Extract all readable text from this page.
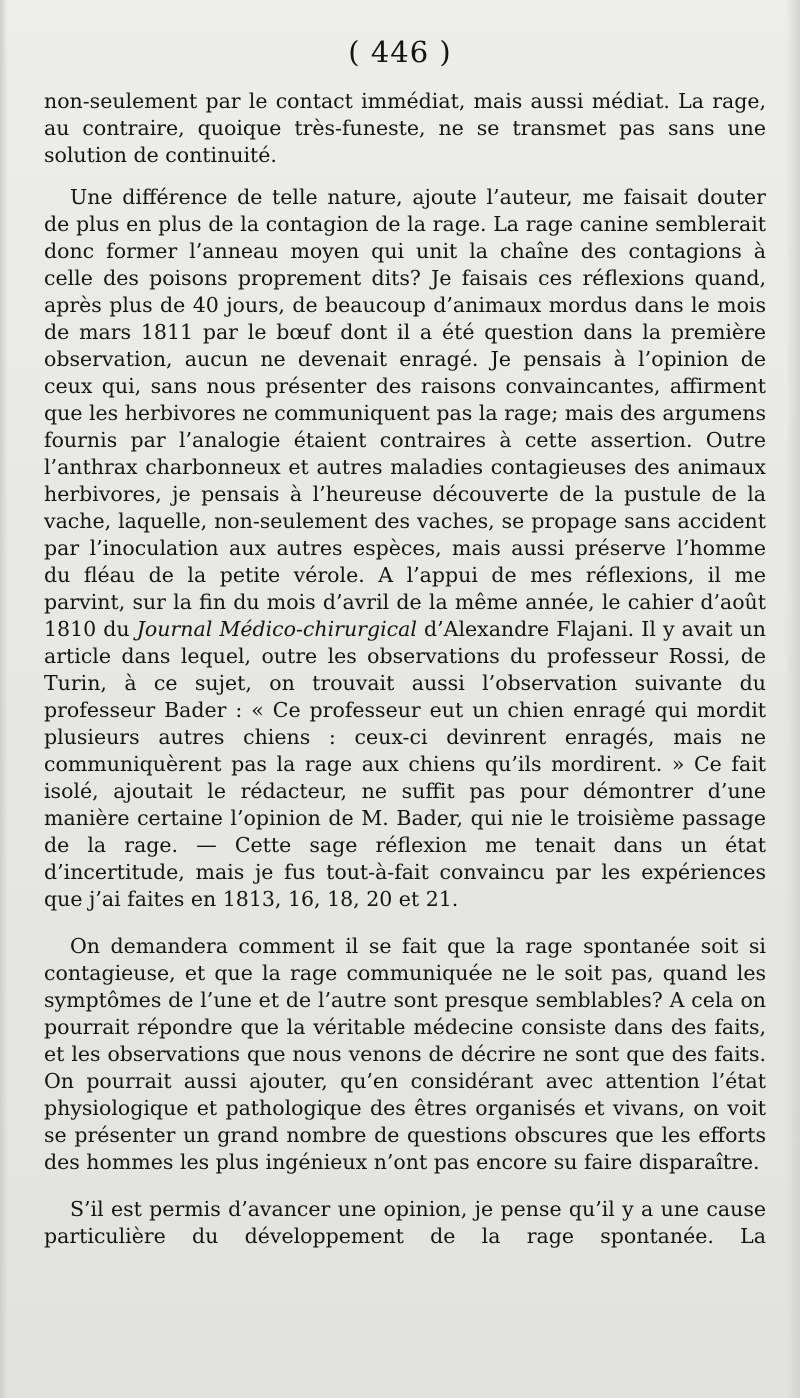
( 446 )

non-seulement par le contact immédiat, mais aussi médiat. La rage, au contraire, quoique très-funeste, ne se transmet pas sans une solution de continuité.

Une différence de telle nature, ajoute l’auteur, me faisait douter de plus en plus de la contagion de la rage. La rage canine semblerait donc former l’anneau moyen qui unit la chaîne des contagions à celle des poisons proprement dits? Je faisais ces réflexions quand, après plus de 40 jours, de beaucoup d’animaux mordus dans le mois de mars 1811 par le bœuf dont il a été question dans la première observation, aucun ne devenait enragé. Je pensais à l’opinion de ceux qui, sans nous présenter des raisons convaincantes, affirment que les herbivores ne communiquent pas la rage; mais des argumens fournis par l’analogie étaient contraires à cette assertion. Outre l’anthrax charbonneux et autres maladies contagieuses des animaux herbivores, je pensais à l’heureuse découverte de la pustule de la vache, laquelle, non-seulement des vaches, se propage sans accident par l’inoculation aux autres espèces, mais aussi préserve l’homme du fléau de la petite vérole. A l’appui de mes réflexions, il me parvint, sur la fin du mois d’avril de la même année, le cahier d’août 1810 du Journal Médico-chirurgical d’Alexandre Flajani. Il y avait un article dans lequel, outre les observations du professeur Rossi, de Turin, à ce sujet, on trouvait aussi l’observation suivante du professeur Bader : « Ce professeur eut un chien enragé qui mordit plusieurs autres chiens : ceux-ci devinrent enragés, mais ne communiquèrent pas la rage aux chiens qu’ils mordirent. » Ce fait isolé, ajoutait le rédacteur, ne suffit pas pour démontrer d’une manière certaine l’opinion de M. Bader, qui nie le troisième passage de la rage. — Cette sage réflexion me tenait dans un état d’incertitude, mais je fus tout-à-fait convaincu par les expériences que j’ai faites en 1813, 16, 18, 20 et 21.

On demandera comment il se fait que la rage spontanée soit si contagieuse, et que la rage communiquée ne le soit pas, quand les symptômes de l’une et de l’autre sont presque semblables? A cela on pourrait répondre que la véritable médecine consiste dans des faits, et les observations que nous venons de décrire ne sont que des faits. On pourrait aussi ajouter, qu’en considérant avec attention l’état physiologique et pathologique des êtres organisés et vivans, on voit se présenter un grand nombre de questions obscures que les efforts des hommes les plus ingénieux n’ont pas encore su faire disparaître.

S’il est permis d’avancer une opinion, je pense qu’il y a une cause particulière du développement de la rage spontanée. La
